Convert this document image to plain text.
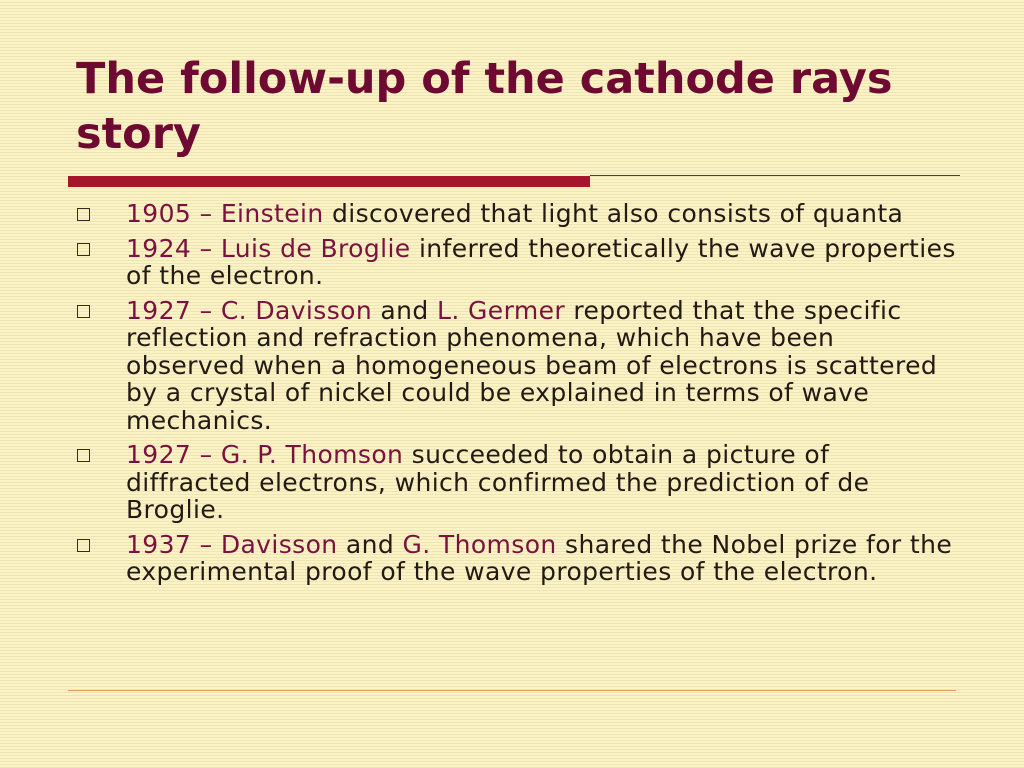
The follow-up of the cathode rays story
1905 – Einstein discovered that light also consists of quanta
1924 – Luis de Broglie inferred theoretically the wave properties of the electron.
1927 – C. Davisson and L. Germer reported that the specific reflection and refraction phenomena, which have been observed when a homogeneous beam of electrons is scattered by a crystal of nickel could be explained in terms of wave mechanics.
1927 – G. P. Thomson succeeded to obtain a picture of diffracted electrons, which confirmed the prediction of de Broglie.
1937 – Davisson and G. Thomson shared the Nobel prize for the experimental proof of the wave properties of the electron.
